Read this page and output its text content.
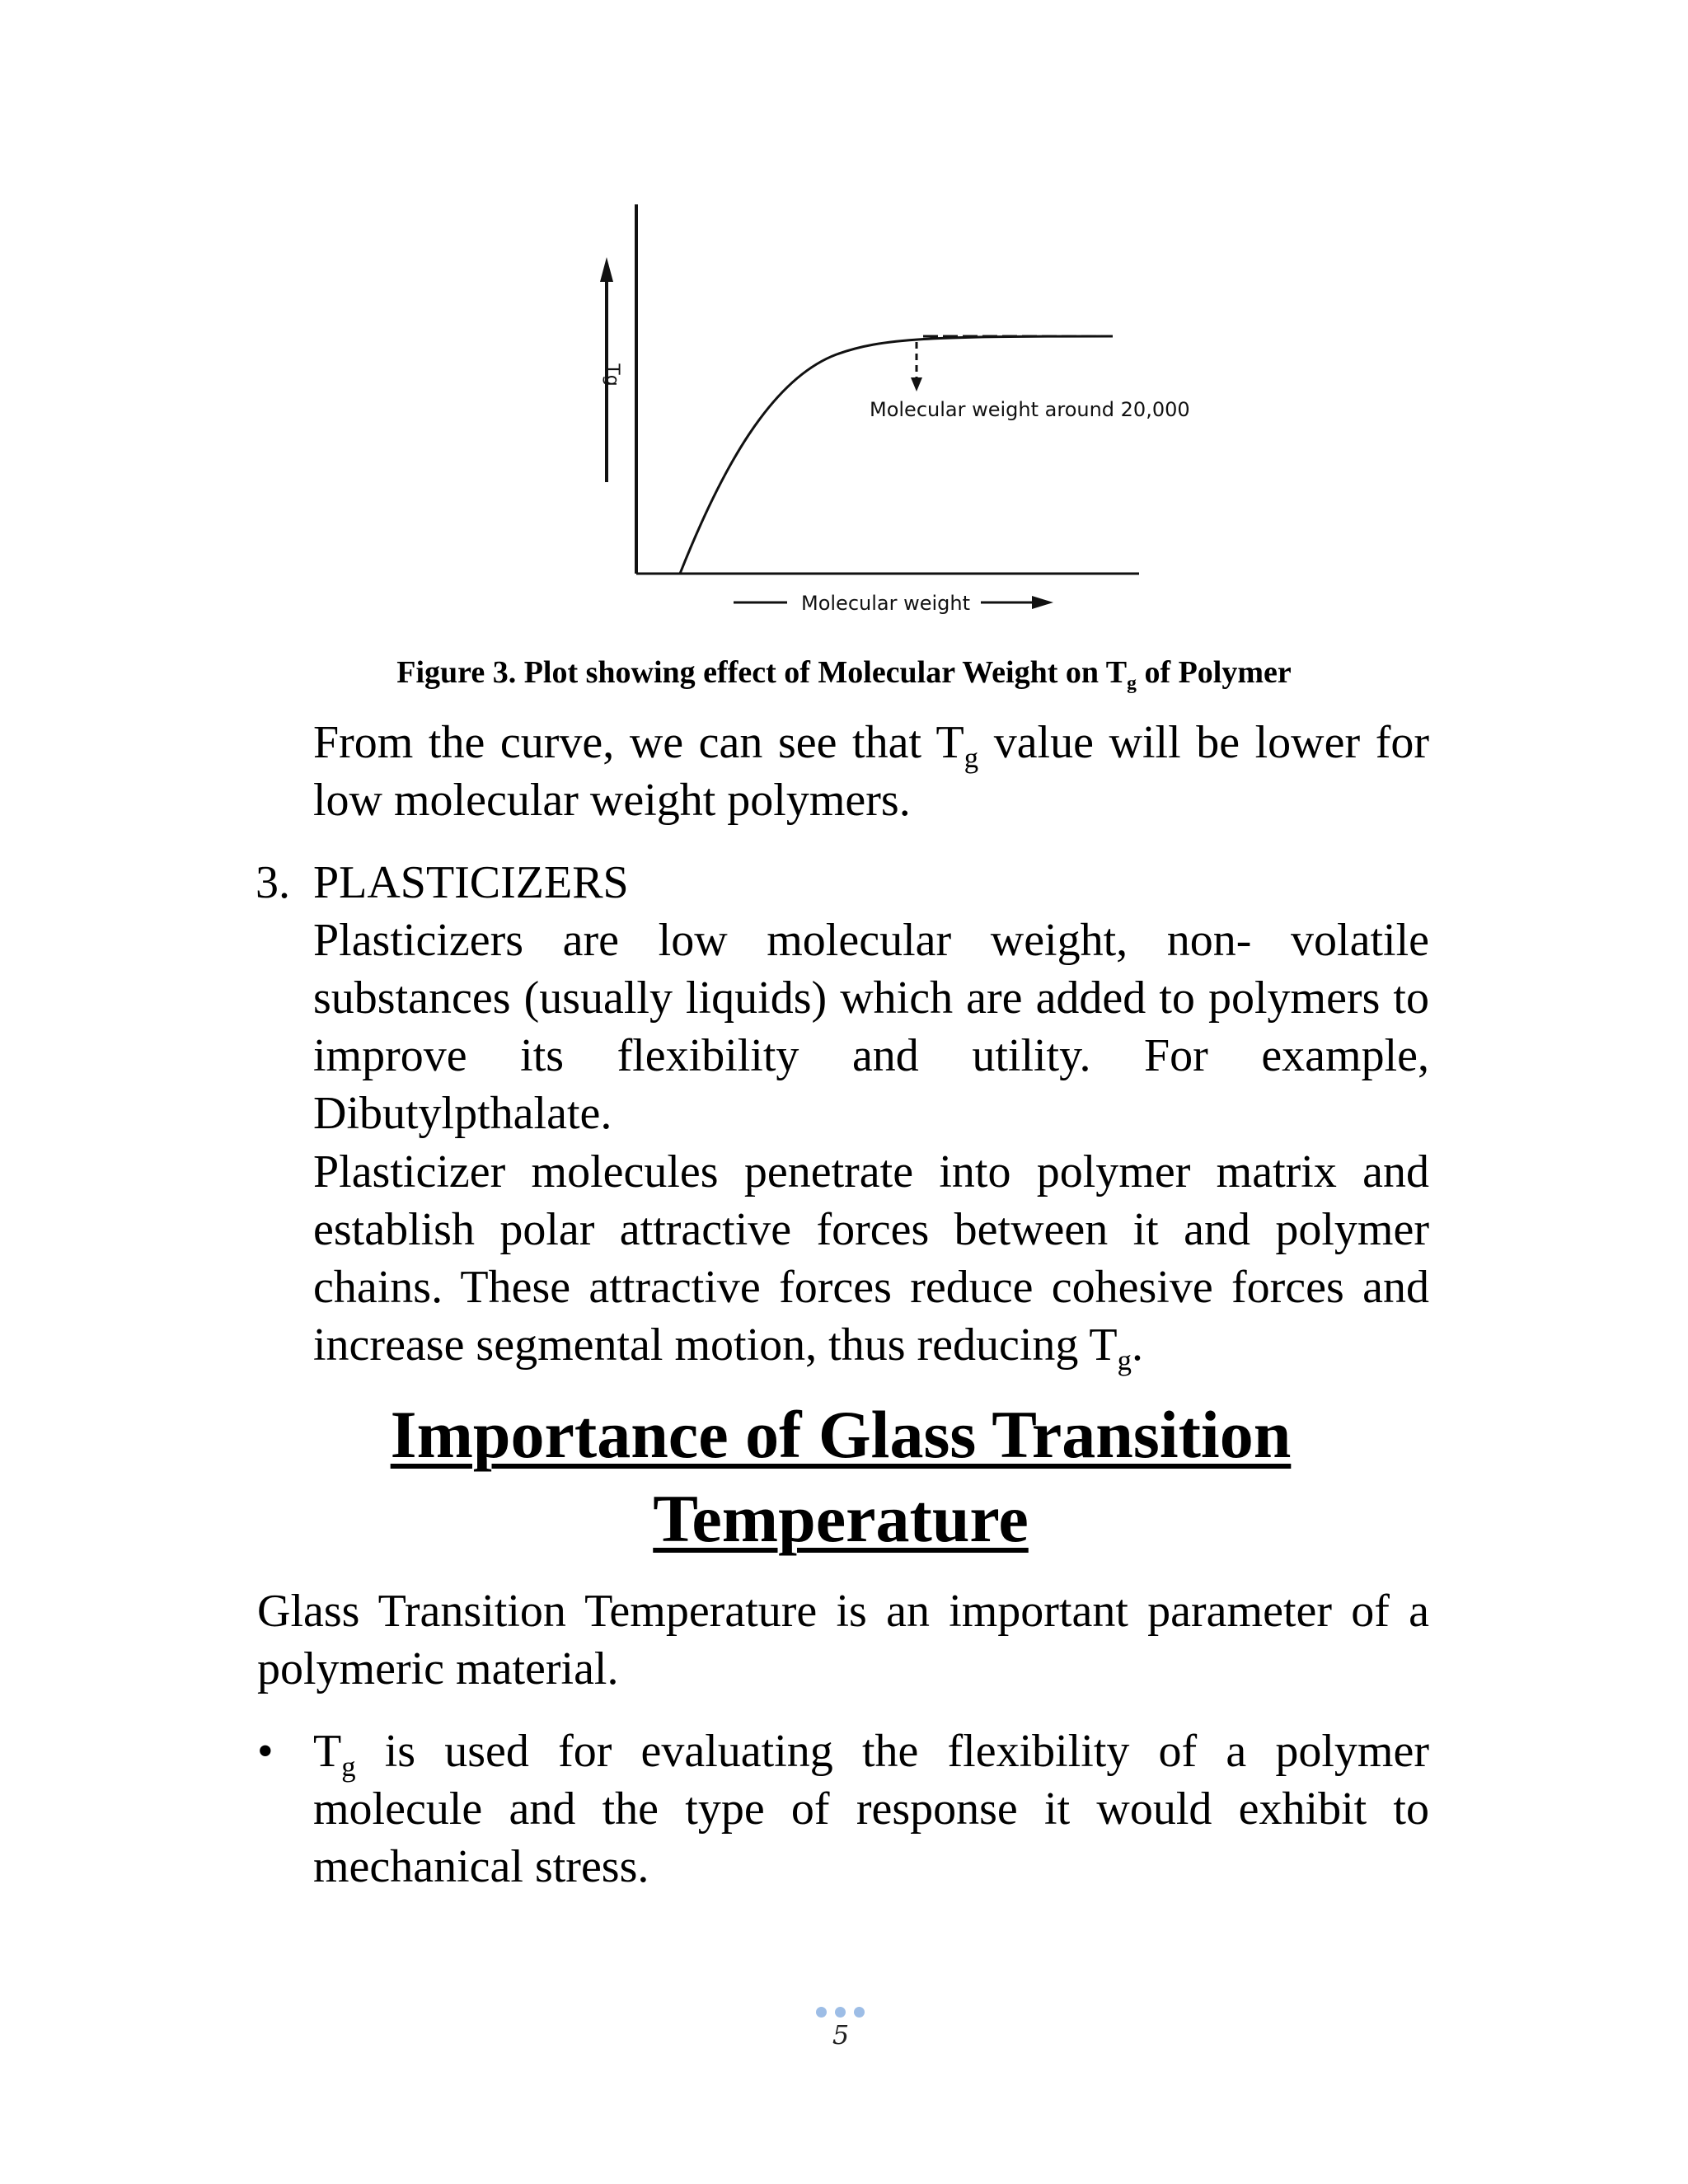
Tg
Molecular weight around 20,000
Molecular weight
Figure 3. Plot showing effect of Molecular Weight on $T_g$ of Polymer
From the curve, we can see that $T_g$ value will be lower for low molecular weight polymers.
3. PLASTICIZERS
Plasticizers are low molecular weight, non- volatile substances (usually liquids) which are added to polymers to improve its flexibility and utility. For example, Dibutylpthalate.
Plasticizer molecules penetrate into polymer matrix and establish polar attractive forces between it and polymer chains. These attractive forces reduce cohesive forces and increase segmental motion, thus reducing $T_g$.
Importance of Glass Transition
Temperature
Glass Transition Temperature is an important parameter of a polymeric material.
• $T_g$ is used for evaluating the flexibility of a polymer molecule and the type of response it would exhibit to mechanical stress.
5
